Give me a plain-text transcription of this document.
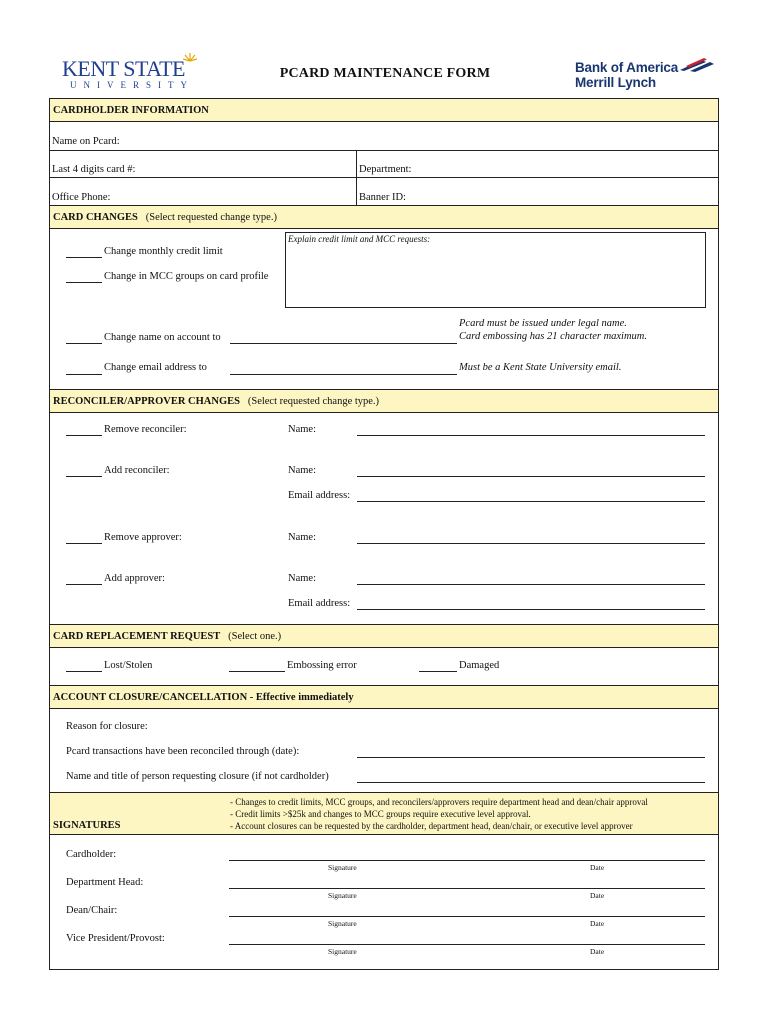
KENT STATE
UNIVERSITY
PCARD MAINTENANCE FORM	Bank of America
Merrill Lynch
CARDHOLDER INFORMATION
Name on Pcard:
Last 4 digits card #:	Department:
Office Phone:	Banner ID:
CARD CHANGES (Select requested change type.)
Explain credit limit and MCC requests:
Change monthly credit limit
Change in MCC groups on card profile
Pcard must be issued under legal name.
Card embossing has 21 character maximum.
Change name on account to
Change email address to	Must be a Kent State University email.
RECONCILER/APPROVER CHANGES (Select requested change type.)
Remove reconciler:	Name:
Add reconciler:	Name:
Email address:
Remove approver:	Name:
Add approver:	Name:
Email address:
CARD REPLACEMENT REQUEST (Select one.)
Lost/Stolen	Embossing error	Damaged
ACCOUNT CLOSURE/CANCELLATION - Effective immediately
Reason for closure:
Pcard transactions have been reconciled through (date):
Name and title of person requesting closure (if not cardholder)
SIGNATURES
- Changes to credit limits, MCC groups, and reconcilers/approvers require department head and dean/chair approval
- Credit limits >$25k and changes to MCC groups require executive level approval.
- Account closures can be requested by the cardholder, department head, dean/chair, or executive level approver
Cardholder:
Signature	Date
Department Head:
Signature	Date
Dean/Chair:
Signature	Date
Vice President/Provost:
Signature	Date
